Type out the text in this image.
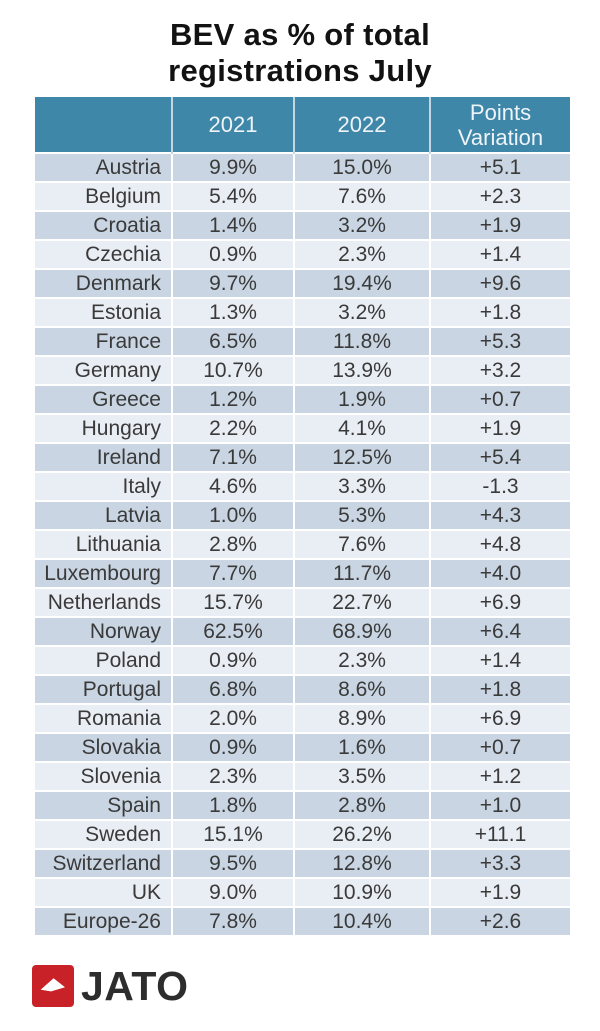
BEV as % of total
registrations July
	2021	2022	Points Variation
Austria	9.9%	15.0%	+5.1
Belgium	5.4%	7.6%	+2.3
Croatia	1.4%	3.2%	+1.9
Czechia	0.9%	2.3%	+1.4
Denmark	9.7%	19.4%	+9.6
Estonia	1.3%	3.2%	+1.8
France	6.5%	11.8%	+5.3
Germany	10.7%	13.9%	+3.2
Greece	1.2%	1.9%	+0.7
Hungary	2.2%	4.1%	+1.9
Ireland	7.1%	12.5%	+5.4
Italy	4.6%	3.3%	-1.3
Latvia	1.0%	5.3%	+4.3
Lithuania	2.8%	7.6%	+4.8
Luxembourg	7.7%	11.7%	+4.0
Netherlands	15.7%	22.7%	+6.9
Norway	62.5%	68.9%	+6.4
Poland	0.9%	2.3%	+1.4
Portugal	6.8%	8.6%	+1.8
Romania	2.0%	8.9%	+6.9
Slovakia	0.9%	1.6%	+0.7
Slovenia	2.3%	3.5%	+1.2
Spain	1.8%	2.8%	+1.0
Sweden	15.1%	26.2%	+11.1
Switzerland	9.5%	12.8%	+3.3
UK	9.0%	10.9%	+1.9
Europe-26	7.8%	10.4%	+2.6
JATO
